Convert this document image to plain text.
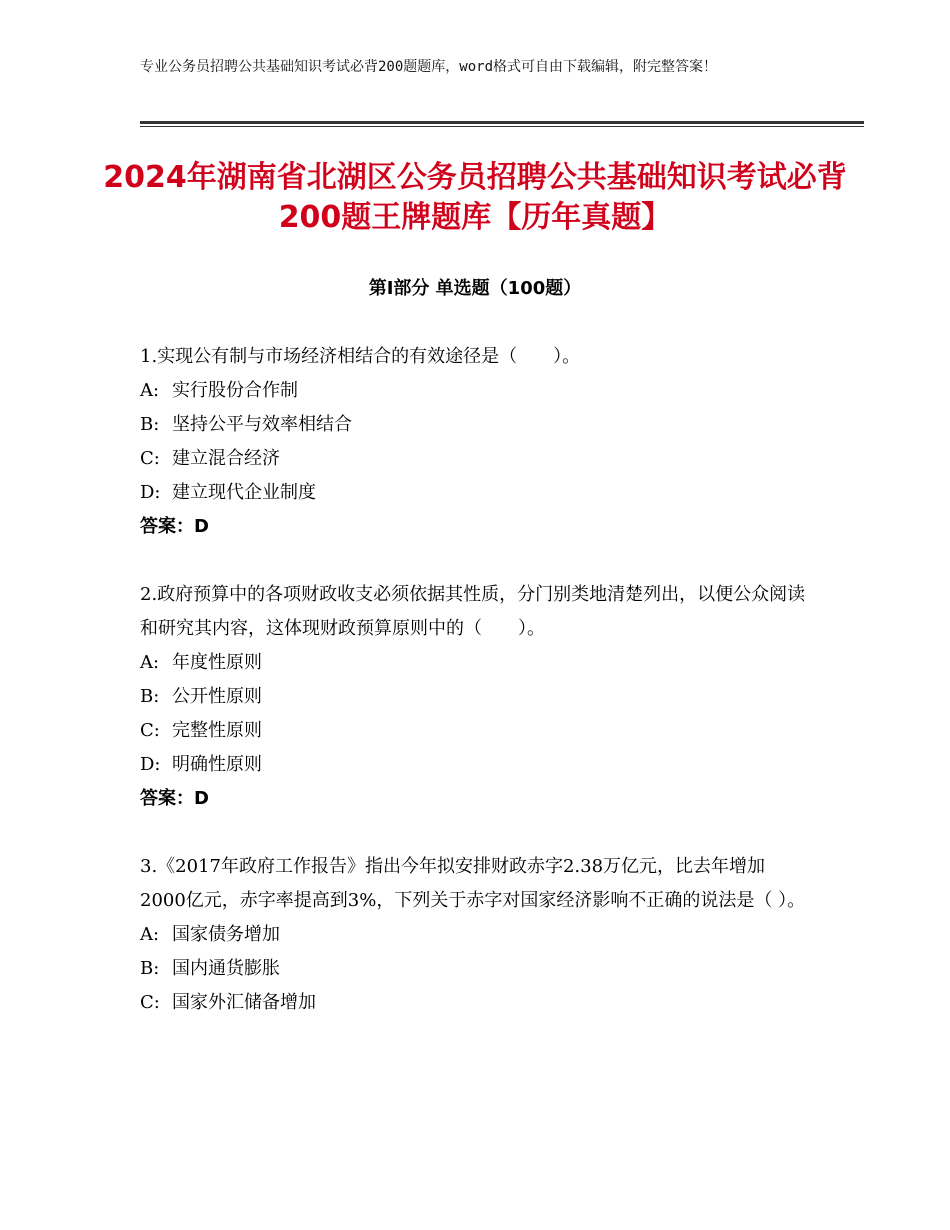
专业公务员招聘公共基础知识考试必背200题题库，word格式可自由下载编辑，附完整答案！
2024年湖南省北湖区公务员招聘公共基础知识考试必背200题王牌题库【历年真题】
第Ⅰ部分 单选题（100题）

1.实现公有制与市场经济相结合的有效途径是（　　）。

A: 实行股份合作制

B: 坚持公平与效率相结合

C: 建立混合经济

D: 建立现代企业制度

答案：D

2.政府预算中的各项财政收支必须依据其性质，分门别类地清楚列出，以便公众阅读和研究其内容，这体现财政预算原则中的（　　）。

A: 年度性原则

B: 公开性原则

C: 完整性原则

D: 明确性原则

答案：D

3.《2017年政府工作报告》指出今年拟安排财政赤字2.38万亿元，比去年增加2000亿元，赤字率提高到3%，下列关于赤字对国家经济影响不正确的说法是（ ）。

A: 国家债务增加

B: 国内通货膨胀

C: 国家外汇储备增加
